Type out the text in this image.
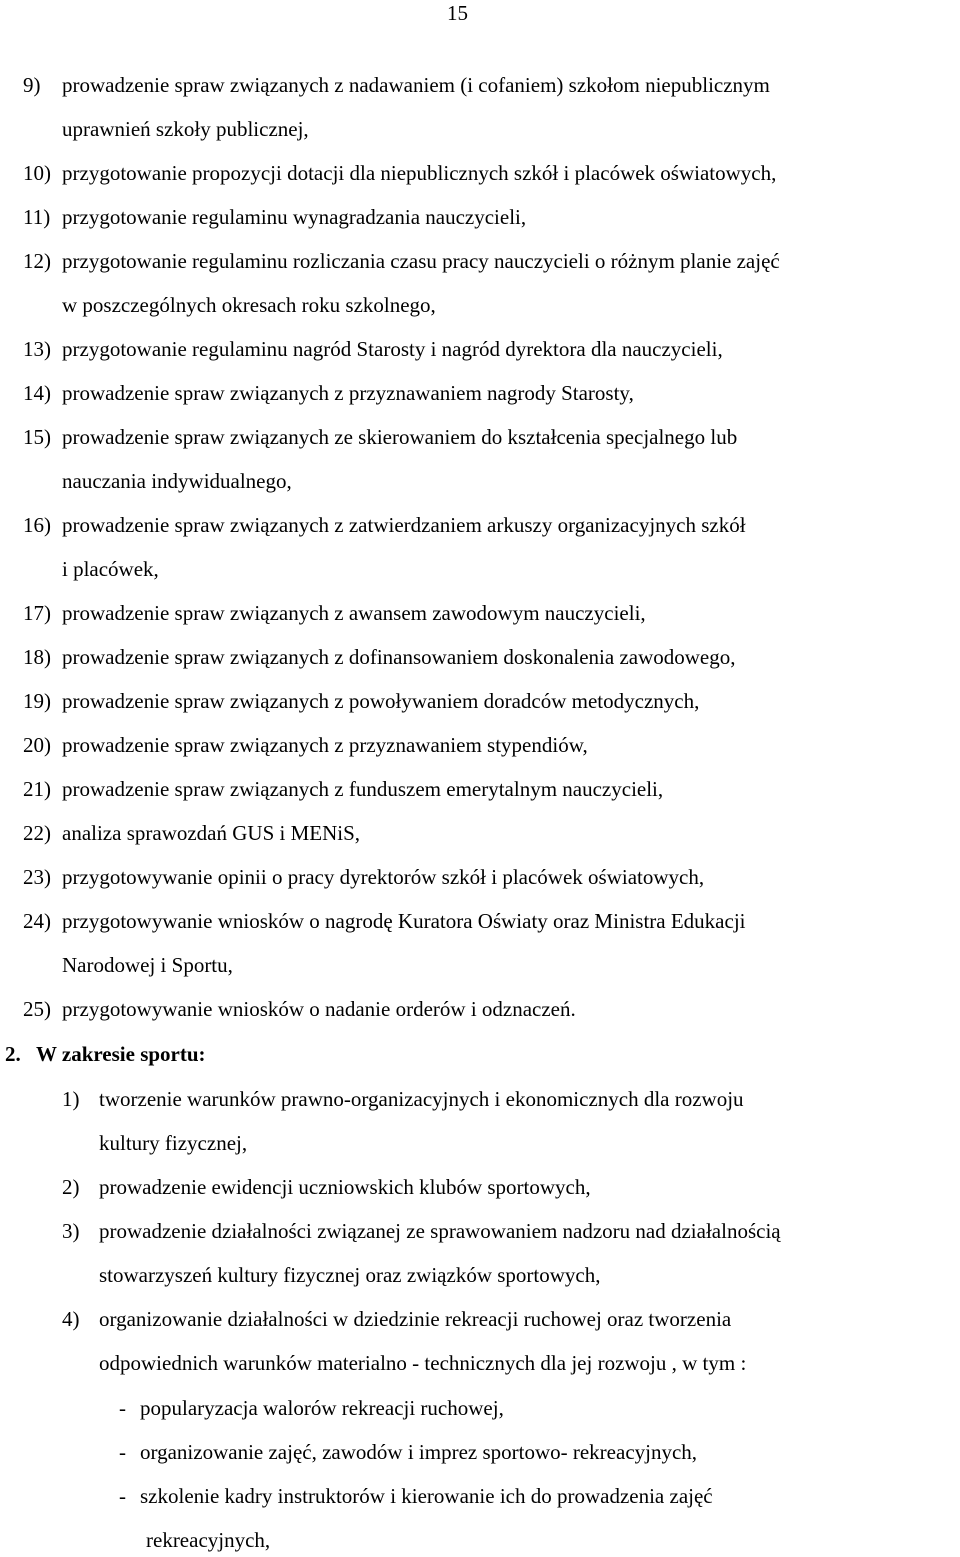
15
9) prowadzenie spraw związanych z nadawaniem (i cofaniem) szkołom niepublicznym
uprawnień szkoły publicznej,
10) przygotowanie propozycji dotacji dla niepublicznych szkół i placówek oświatowych,
11) przygotowanie regulaminu wynagradzania nauczycieli,
12) przygotowanie regulaminu rozliczania czasu pracy nauczycieli o różnym planie zajęć
w poszczególnych okresach roku szkolnego,
13) przygotowanie regulaminu nagród Starosty i nagród dyrektora dla nauczycieli,
14) prowadzenie spraw związanych z przyznawaniem nagrody Starosty,
15) prowadzenie spraw związanych ze skierowaniem do kształcenia specjalnego lub
nauczania indywidualnego,
16) prowadzenie spraw związanych z zatwierdzaniem arkuszy organizacyjnych szkół
i placówek,
17) prowadzenie spraw związanych z awansem zawodowym nauczycieli,
18) prowadzenie spraw związanych z dofinansowaniem doskonalenia zawodowego,
19) prowadzenie spraw związanych z powoływaniem doradców metodycznych,
20) prowadzenie spraw związanych z przyznawaniem stypendiów,
21) prowadzenie spraw związanych z funduszem emerytalnym nauczycieli,
22) analiza sprawozdań GUS i MENiS,
23) przygotowywanie opinii o pracy dyrektorów szkół i placówek oświatowych,
24) przygotowywanie wniosków o nagrodę Kuratora Oświaty oraz Ministra Edukacji
Narodowej i Sportu,
25) przygotowywanie wniosków o nadanie orderów i odznaczeń.
2. W zakresie sportu:
1) tworzenie warunków prawno-organizacyjnych i ekonomicznych dla rozwoju
kultury fizycznej,
2) prowadzenie ewidencji uczniowskich klubów sportowych,
3) prowadzenie działalności związanej ze sprawowaniem nadzoru nad działalnością
stowarzyszeń kultury fizycznej oraz związków sportowych,
4) organizowanie działalności w dziedzinie rekreacji ruchowej oraz tworzenia
odpowiednich warunków materialno - technicznych dla jej rozwoju , w tym :
- popularyzacja walorów rekreacji ruchowej,
- organizowanie zajęć, zawodów i imprez sportowo- rekreacyjnych,
- szkolenie kadry instruktorów i kierowanie ich do prowadzenia zajęć
rekreacyjnych,
